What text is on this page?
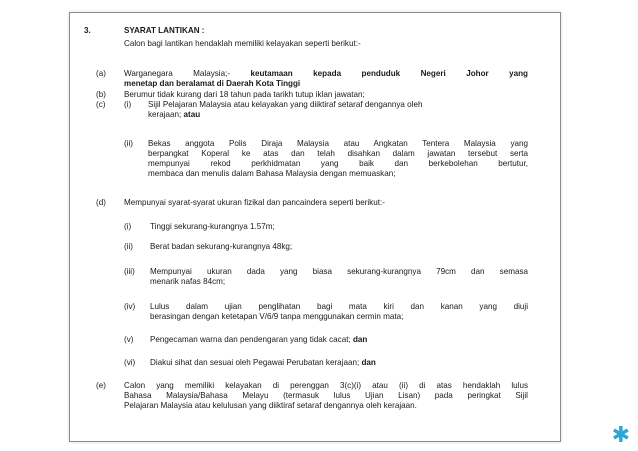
3.	SYARAT LANTIKAN :
Calon bagi lantikan hendaklah memiliki kelayakan seperti berikut:-
(a) Warganegara Malaysia;- keutamaan kepada penduduk Negeri Johor yang
menetap dan beralamat di Daerah Kota Tinggi
(b) Berumur tidak kurang dari 18 tahun pada tarikh tutup iklan jawatan;
(c) (i) Sijil Pelajaran Malaysia atau kelayakan yang diiktiraf setaraf dengannya oleh
kerajaan; atau
(ii) Bekas anggota Polis Diraja Malaysia atau Angkatan Tentera Malaysia yang
berpangkat Koperal ke atas dan telah disahkan dalam jawatan tersebut serta
mempunyai rekod perkhidmatan yang baik dan berkebolehan bertutur,
membaca dan menulis dalam Bahasa Malaysia dengan memuaskan;
(d) Mempunyai syarat-syarat ukuran fizikal dan pancaindera seperti berikut:-
(i) Tinggi sekurang-kurangnya 1.57m;
(ii) Berat badan sekurang-kurangnya 48kg;
(iii) Mempunyai ukuran dada yang biasa sekurang-kurangnya 79cm dan semasa
menarik nafas 84cm;
(iv) Lulus dalam ujian penglihatan bagi mata kiri dan kanan yang diuji
berasingan dengan ketetapan V/6/9 tanpa menggunakan cermin mata;
(v) Pengecaman warna dan pendengaran yang tidak cacat; dan
(vi) Diakui sihat dan sesuai oleh Pegawai Perubatan kerajaan; dan
(e) Calon yang memiliki kelayakan di perenggan 3(c)(i) atau (ii) di atas hendaklah lulus
Bahasa Malaysia/Bahasa Melayu (termasuk lulus Ujian Lisan) pada peringkat Sijil
Pelajaran Malaysia atau kelulusan yang diiktiraf setaraf dengannya oleh kerajaan.
✱
